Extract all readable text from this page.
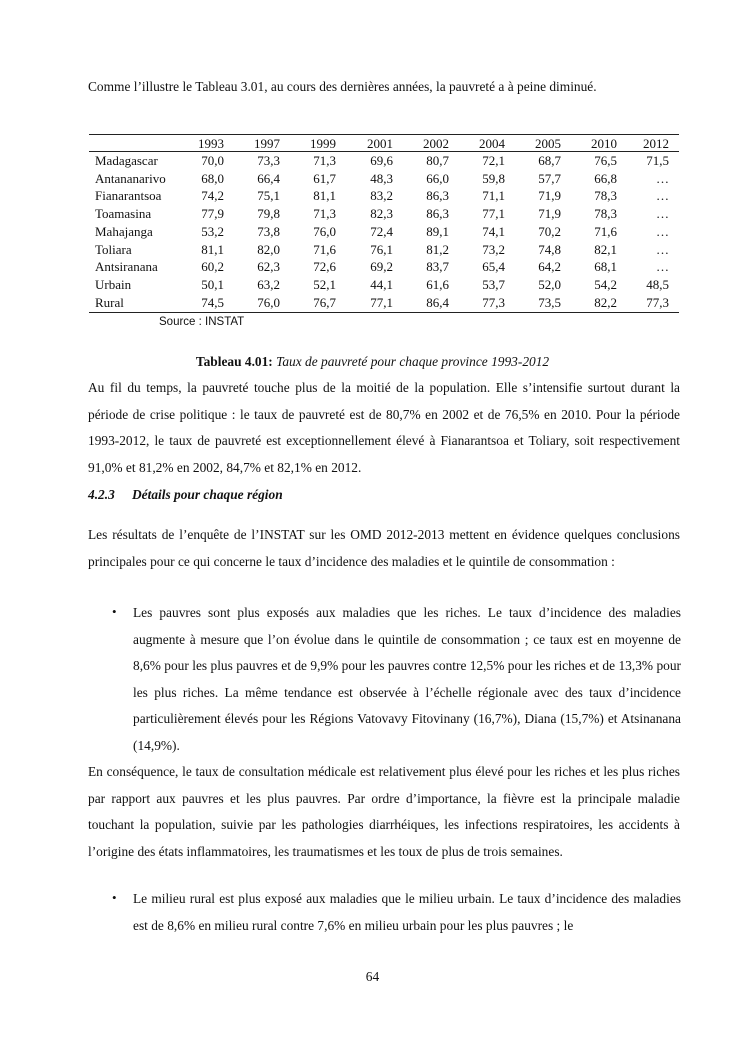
Comme l’illustre le Tableau 3.01, au cours des dernières années, la pauvreté a à peine diminué.

1993 1997 1999 2001 2002 2004 2005 2010 2012
Madagascar	70,0	73,3	71,3	69,6	80,7	72,1	68,7	76,5 71,5
Antananarivo	68,0	66,4	61,7	48,3	66,0	59,8	57,7	66,8	…
Fianarantsoa	74,2	75,1	81,1	83,2	86,3	71,1	71,9	78,3	…
Toamasina	77,9	79,8	71,3	82,3	86,3	77,1	71,9	78,3	…
Mahajanga	53,2	73,8	76,0	72,4	89,1	74,1	70,2	71,6	…
Toliara	81,1	82,0	71,6	76,1	81,2	73,2	74,8	82,1	…
Antsiranana	60,2	62,3	72,6	69,2	83,7	65,4	64,2	68,1	…
Urbain	50,1	63,2	52,1	44,1	61,6	53,7	52,0	54,2 48,5
Rural	74,5	76,0	76,7	77,1	86,4	77,3	73,5	82,2 77,3
Source : INSTAT
Tableau 4.01: Taux de pauvreté pour chaque province 1993-2012

Au fil du temps, la pauvreté touche plus de la moitié de la population. Elle s’intensifie surtout durant la période de crise politique : le taux de pauvreté est de 80,7% en 2002 et de 76,5% en 2010. Pour la période 1993-2012, le taux de pauvreté est exceptionnellement élevé à Fianarantsoa et Toliary, soit respectivement 91,0% et 81,2% en 2002, 84,7% et 82,1% en 2012.

4.2.3 Détails pour chaque région

Les résultats de l’enquête de l’INSTAT sur les OMD 2012-2013 mettent en évidence quelques conclusions principales pour ce qui concerne le taux d’incidence des maladies et le quintile de consommation :

• Les pauvres sont plus exposés aux maladies que les riches. Le taux d’incidence des maladies augmente à mesure que l’on évolue dans le quintile de consommation ; ce taux est en moyenne de 8,6% pour les plus pauvres et de 9,9% pour les pauvres contre 12,5% pour les riches et de 13,3% pour les plus riches. La même tendance est observée à l’échelle régionale avec des taux d’incidence particulièrement élevés pour les Régions Vatovavy Fitovinany (16,7%), Diana (15,7%) et Atsinanana (14,9%).

En conséquence, le taux de consultation médicale est relativement plus élevé pour les riches et les plus riches par rapport aux pauvres et les plus pauvres. Par ordre d’importance, la fièvre est la principale maladie touchant la population, suivie par les pathologies diarrhéiques, les infections respiratoires, les accidents à l’origine des états inflammatoires, les traumatismes et les toux de plus de trois semaines.

• Le milieu rural est plus exposé aux maladies que le milieu urbain. Le taux d’incidence des maladies est de 8,6% en milieu rural contre 7,6% en milieu urbain pour les plus pauvres ; le

64
